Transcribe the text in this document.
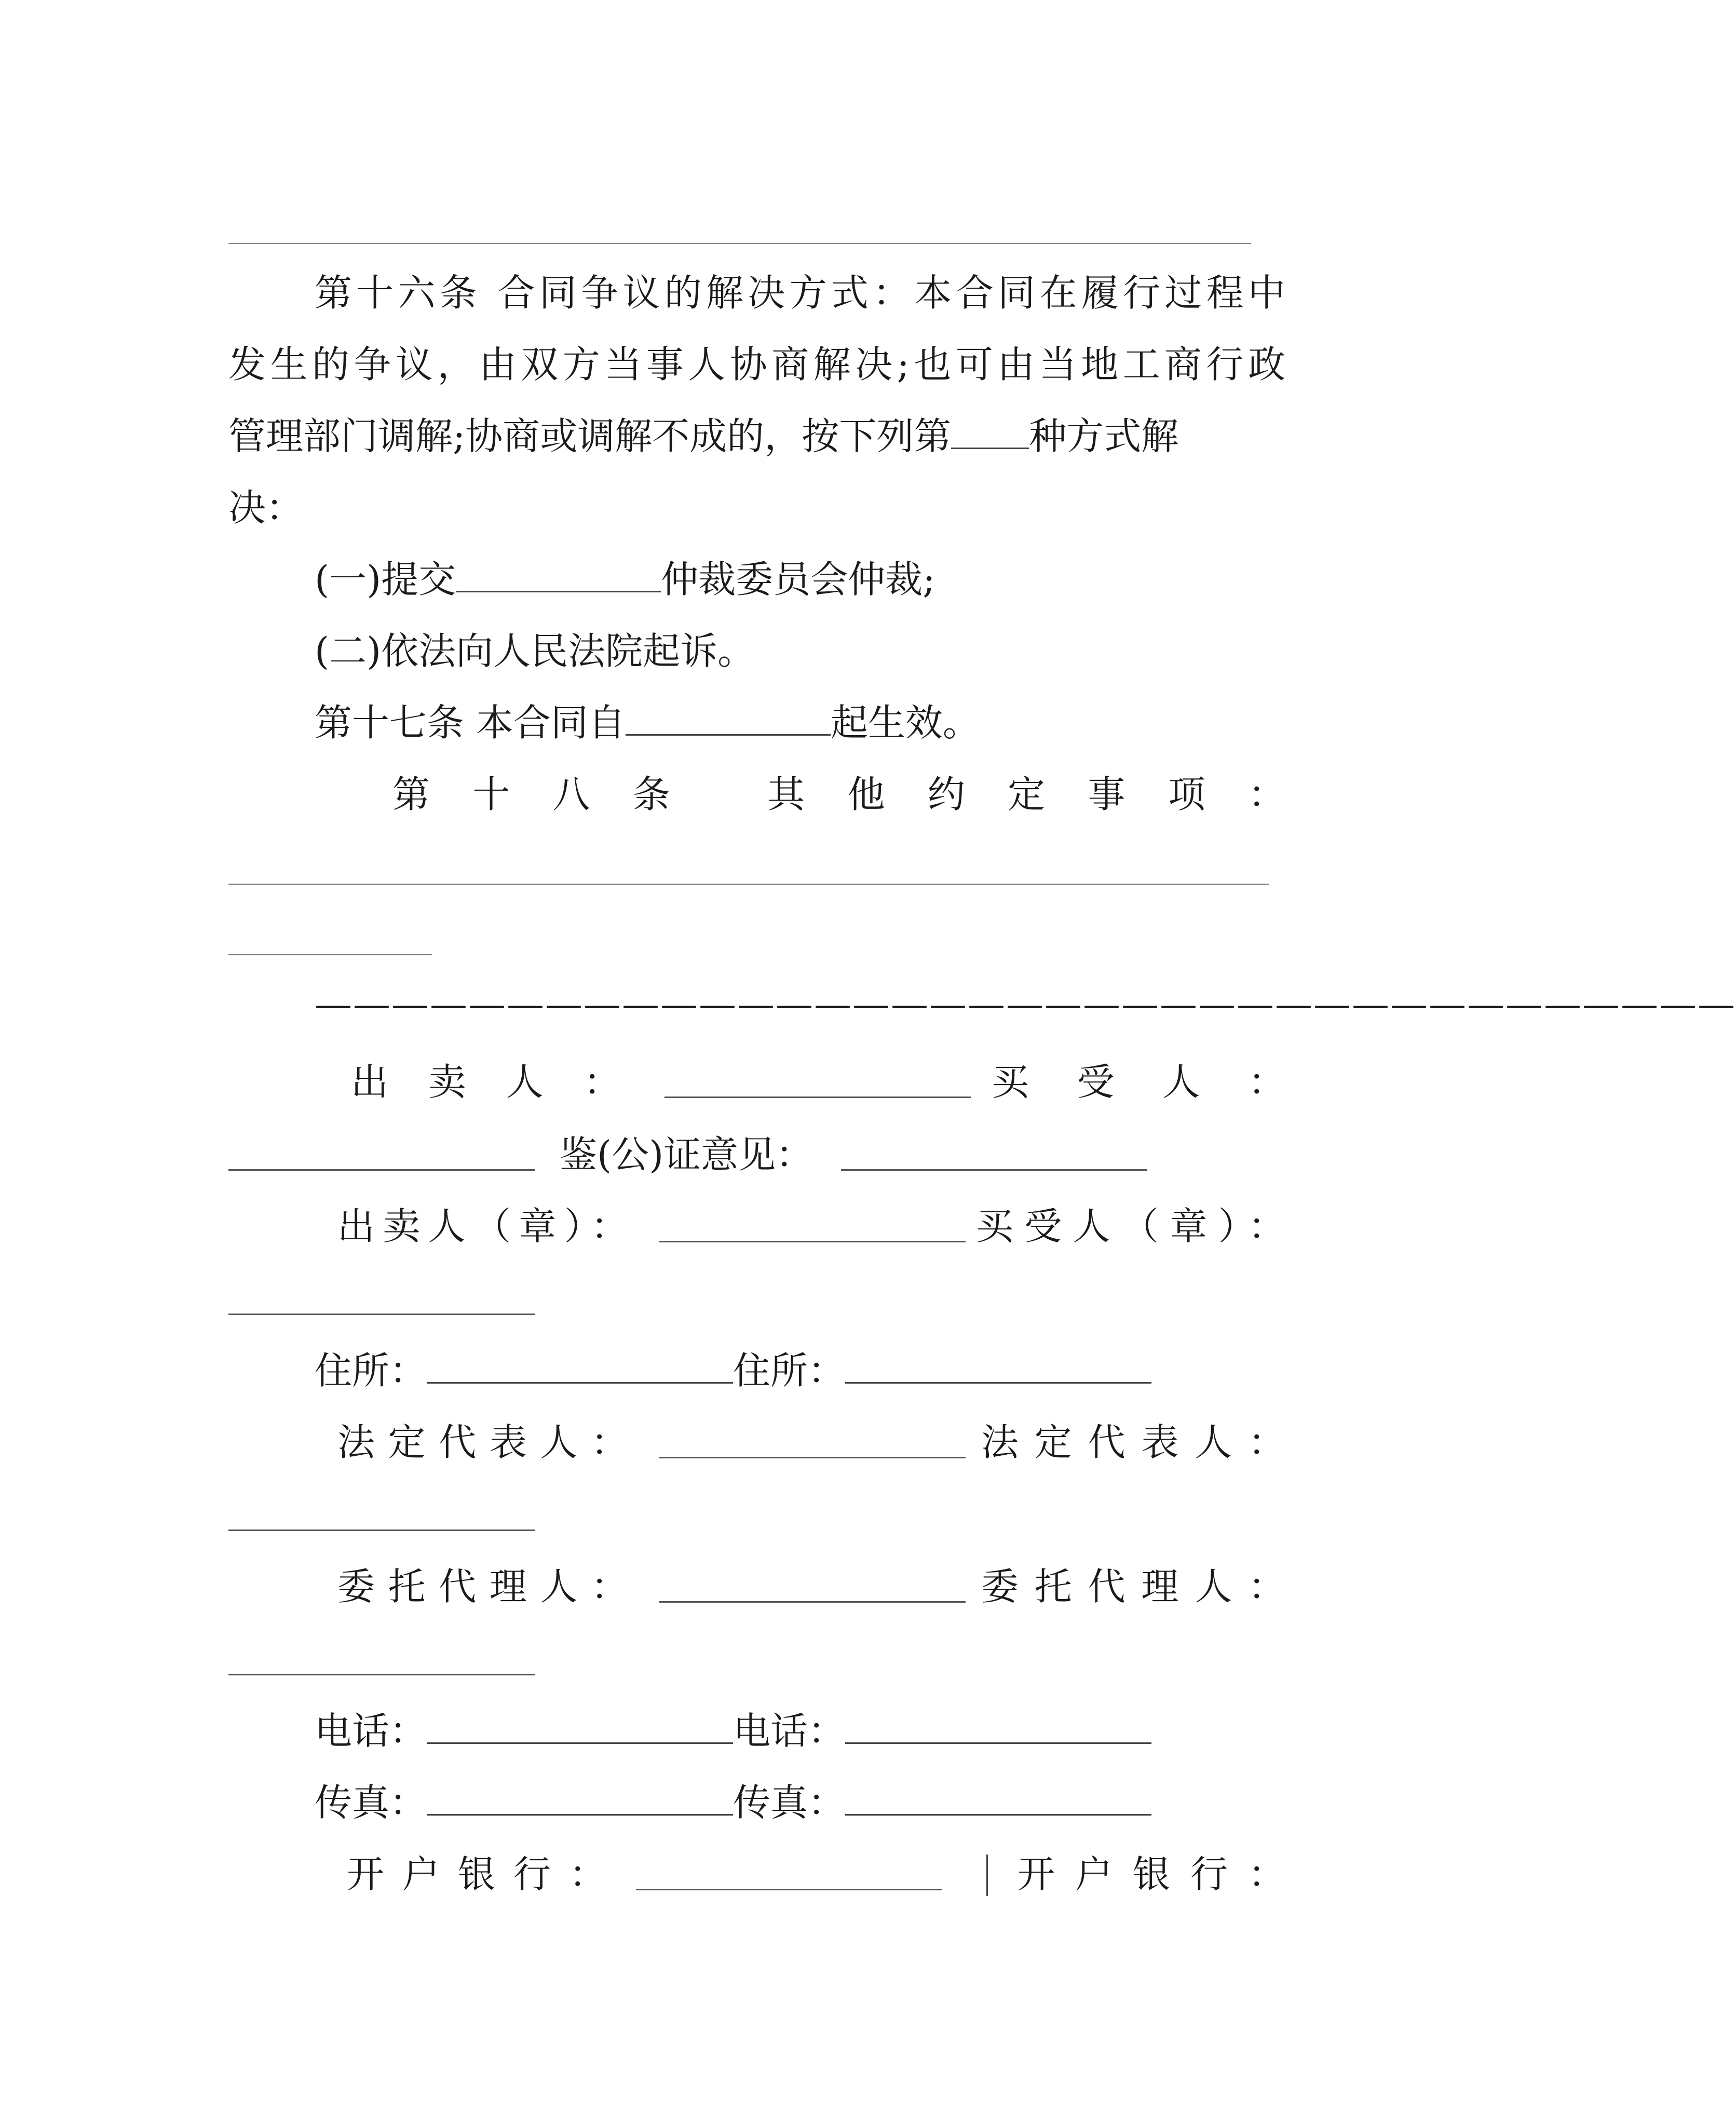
第十六条 合同争议的解决方式：本合同在履行过程中
发生的争议，由双方当事人协商解决;也可由当地工商行政
管理部门调解;协商或调解不成的，按下列第 种方式解
决：
(一)提交	仲裁委员会仲裁;
(二)依法向人民法院起诉。
第十七条 本合同自	起生效。
第十八条 其他约定事项：
—————————————————————————————————————
出卖人：	买受人：
鉴(公)证意见：
出卖人（章）：	买受人（章）：
住所：	住所：
法定代表人：	法定代表人：
委托代理人：	委托代理人：
电话：	电话：
传真：	传真：
开户银行：	开户银行：
